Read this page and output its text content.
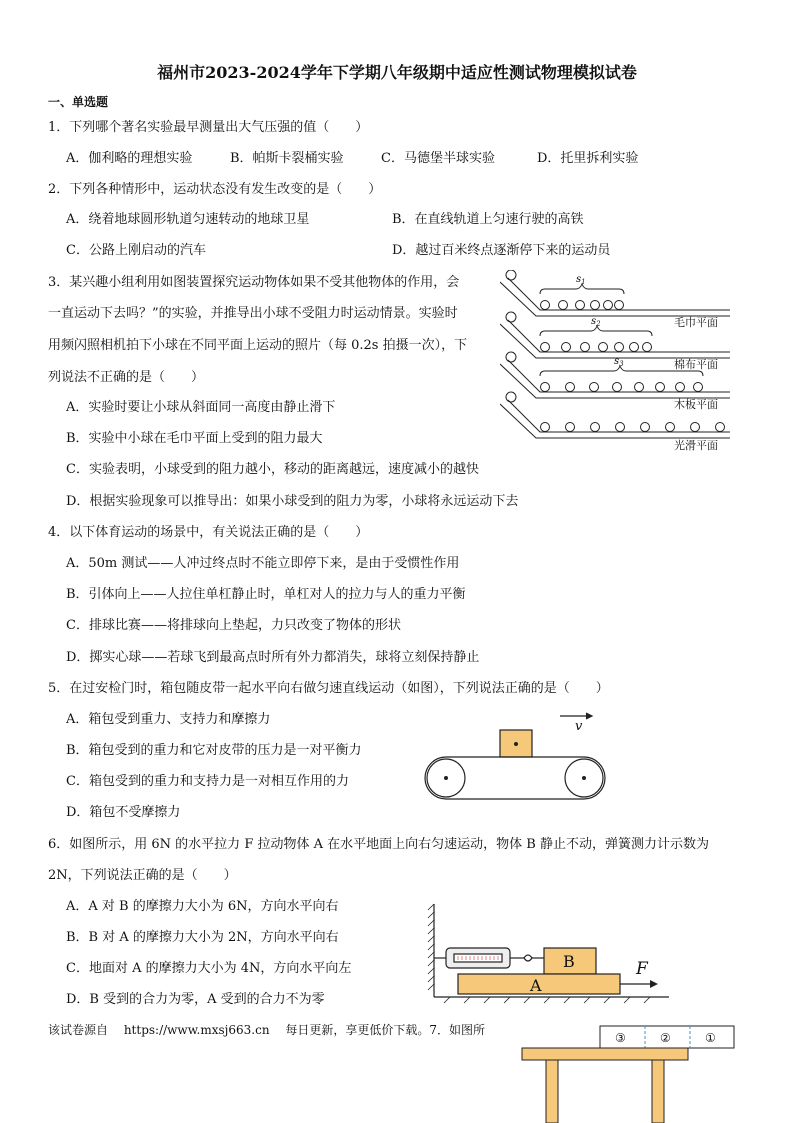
福州市2023-2024学年下学期八年级期中适应性测试物理模拟试卷
一、单选题
1．下列哪个著名实验最早测量出大气压强的值（　　）
A．伽利略的理想实验	B．帕斯卡裂桶实验	C．马德堡半球实验	D．托里拆利实验
2．下列各种情形中，运动状态没有发生改变的是（　　）
A．绕着地球圆形轨道匀速转动的地球卫星	B．在直线轨道上匀速行驶的高铁
C．公路上刚启动的汽车	D．越过百米终点逐渐停下来的运动员
3．某兴趣小组利用如图装置探究运动物体如果不受其他物体的作用，会
一直运动下去吗？”的实验，并推导出小球不受阻力时运动情景。实验时
用频闪照相机拍下小球在不同平面上运动的照片（每 0.2s 拍摄一次），下
列说法不正确的是（　　）
A．实验时要让小球从斜面同一高度由静止滑下
B．实验中小球在毛巾平面上受到的阻力最大
C．实验表明，小球受到的阻力越小，移动的距离越远，速度减小的越快
D．根据实验现象可以推导出：如果小球受到的阻力为零，小球将永远运动下去
$s_1$
$s_2$
$s_3$
毛巾平面
棉布平面
木板平面
光滑平面
4．以下体育运动的场景中，有关说法正确的是（　　）
A．50m 测试——人冲过终点时不能立即停下来，是由于受惯性作用
B．引体向上——人拉住单杠静止时，单杠对人的拉力与人的重力平衡
C．排球比赛——将排球向上垫起，力只改变了物体的形状
D．掷实心球——若球飞到最高点时所有外力都消失，球将立刻保持静止
5．在过安检门时，箱包随皮带一起水平向右做匀速直线运动（如图），下列说法正确的是（　　）
A．箱包受到重力、支持力和摩擦力
B．箱包受到的重力和它对皮带的压力是一对平衡力
C．箱包受到的重力和支持力是一对相互作用的力
D．箱包不受摩擦力
v
6．如图所示，用 6N 的水平拉力 F 拉动物体 A 在水平地面上向右匀速运动，物体 B 静止不动，弹簧测力计示数为
2N，下列说法正确的是（　　）
A．A 对 B 的摩擦力大小为 6N，方向水平向右
B．B 对 A 的摩擦力大小为 2N，方向水平向右
C．地面对 A 的摩擦力大小为 4N，方向水平向左
D．B 受到的合力为零，A 受到的合力不为零
B
A
F
该试卷源自　 https://www.mxsj663.cn　 每日更新，享更低价下载。7．如图所
③	②	①
